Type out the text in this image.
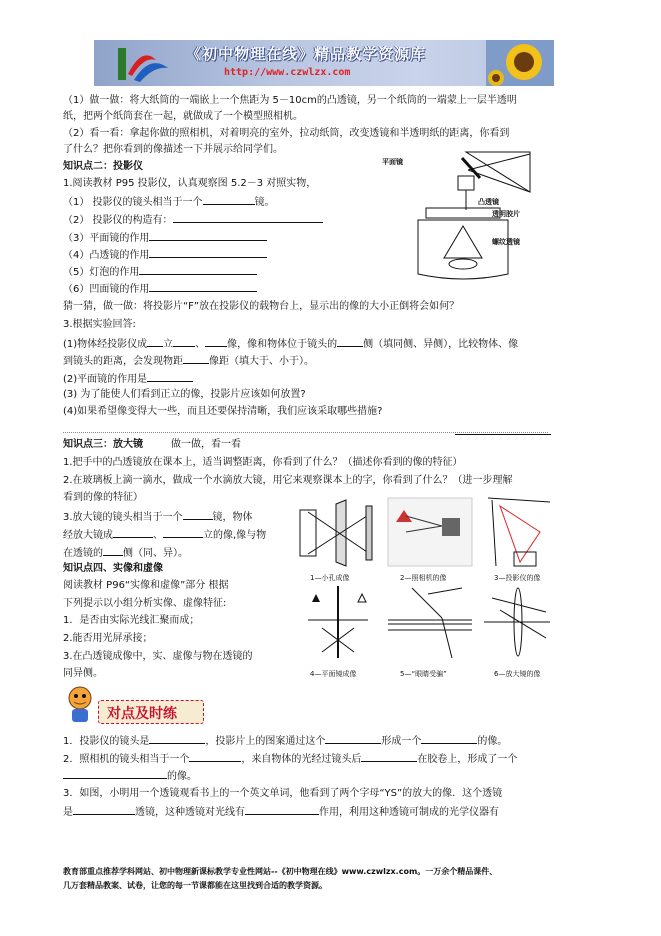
《初中物理在线》精品教学资源库
http://www.czwlzx.com
（1）做一做：将大纸筒的一端嵌上一个焦距为 5－10cm的凸透镜，另一个纸筒的一端蒙上一层半透明
纸，把两个纸筒套在一起，就做成了一个模型照相机。
（2）看一看：拿起你做的照相机，对着明亮的室外，拉动纸筒，改变透镜和半透明纸的距离，你看到
了什么？把你看到的像描述一下并展示给同学们。
知识点二：投影仪
1.阅读教材 P95 投影仪，认真观察图 5.2－3 对照实物，
（1） 投影仪的镜头相当于一个	镜。
（2） 投影仪的构造有：
（3）平面镜的作用
（4）凸透镜的作用
（5）灯泡的作用
（6）凹面镜的作用
平面镜
凸透镜
透明胶片
螺纹透镜
猜一猜，做一做：将投影片“F”放在投影仪的载物台上，显示出的像的大小正倒将会如何？
3.根据实验回答:
(1)物体经投影仪成 立 、 像，像和物体位于镜头的	侧（填同侧、异侧），比较物体、像
到镜头的距离，会发现物距	像距（填大于、小于）。
(2)平面镜的作用是
(3) 为了能使人们看到正立的像，投影片应该如何放置?
(4)如果希望像变得大一些，而且还要保持清晰，我们应该采取哪些措施?
知识点三：放大镜	做一做，看一看
1.把手中的凸透镜放在课本上，适当调整距离，你看到了什么？（描述你看到的像的特征）
2.在玻璃板上滴一滴水，做成一个水滴放大镜，用它来观察课本上的字，你看到了什么？（进一步理解
看到的像的特征）
3.放大镜的镜头相当于一个	镜，物体
经放大镜成	、	立的像,像与物
在透镜的 侧（同、异）。
知识点四、实像和虚像
阅读教材 P96“实像和虚像”部分 根据
下列提示以小组分析实像、虚像特征:
1．是否由实际光线汇聚而成；
2.能否用光屏承接；
3.在凸透镜成像中，实、虚像与物在透镜的
同异侧。
1—小孔成像	2—照相机的像	3—投影仪的像
4—平面镜成像	5—“眼睛受骗”	6—放大镜的像
对点及时练
1．投影仪的镜头是	，投影片上的图案通过这个	形成一个	的像。
2．照相机的镜头相当于一个	，来自物体的光经过镜头后	在胶卷上，形成了一个
的像。
3．如图，小明用一个透镜观看书上的一个英文单词，他看到了两个字母“YS”的放大的像．这个透镜
是	透镜，这种透镜对光线有	作用，利用这种透镜可制成的光学仪器有
教育部重点推荐学科网站、初中物理新课标教学专业性网站--《初中物理在线》www.czwlzx.com。一万余个精品课件、
几万套精品教案、试卷，让您的每一节课都能在这里找到合适的教学资源。
